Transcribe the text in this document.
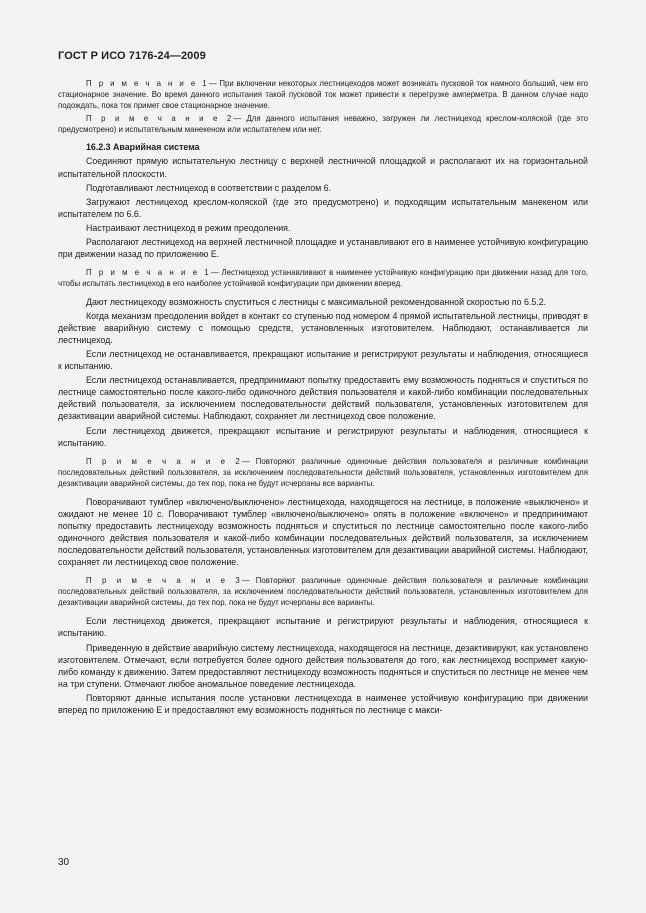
ГОСТ Р ИСО 7176-24—2009

П р и м е ч а н и е 1— При включении некоторых лестницеходов может возникать пусковой ток намного больший, чем его стационарное значение. Во время данного испытания такой пусковой ток может привести к перегрузке амперметра. В данном случае надо подождать, пока ток примет свое стационарное значение.

П р и м е ч а н и е 2— Для данного испытания неважно, загружен ли лестницеход креслом-коляской (где это предусмотрено) и испытательным манекеном или испытателем или нет.

16.2.3 Аварийная система

Соединяют прямую испытательную лестницу с верхней лестничной площадкой и располагают их на горизонтальной испытательной плоскости.

Подготавливают лестницеход в соответствии с разделом 6.

Загружают лестницеход креслом-коляской (где это предусмотрено) и подходящим испытательным манекеном или испытателем по 6.6.

Настраивают лестницеход в режим преодоления.

Располагают лестницеход на верхней лестничной площадке и устанавливают его в наименее устойчивую конфигурацию при движении назад по приложению Е.

П р и м е ч а н и е 1— Лестницеход устанавливают в наименее устойчивую конфигурацию при движении назад для того, чтобы испытать лестницеход в его наиболее устойчивой конфигурации при движении вперед.

Дают лестницеходу возможность спуститься с лестницы с максимальной рекомендованной скоростью по 6.5.2.

Когда механизм преодоления войдет в контакт со ступенью под номером 4 прямой испытательной лестницы, приводят в действие аварийную систему с помощью средств, установленных изготовителем. Наблюдают, останавливается ли лестницеход.

Если лестницеход не останавливается, прекращают испытание и регистрируют результаты и наблюдения, относящиеся к испытанию.

Если лестницеход останавливается, предпринимают попытку предоставить ему возможность подняться и спуститься по лестнице самостоятельно после какого-либо одиночного действия пользователя и какой-либо комбинации последовательных действий пользователя, за исключением последовательности действий пользователя, установленных изготовителем для дезактивации аварийной системы. Наблюдают, сохраняет ли лестницеход свое положение.

Если лестницеход движется, прекращают испытание и регистрируют результаты и наблюдения, относящиеся к испытанию.

П р и м е ч а н и е 2— Повторяют различные одиночные действия пользователя и различные комбинации последовательных действий пользователя, за исключением последовательности действий пользователя, установленных изготовителем для дезактивации аварийной системы, до тех пор, пока не будут исчерпаны все варианты.

Поворачивают тумблер «включено/выключено» лестницехода, находящегося на лестнице, в положение «выключено» и ожидают не менее 10 с. Поворачивают тумблер «включено/выключено» опять в положение «включено» и предпринимают попытку предоставить лестницеходу возможность подняться и спуститься по лестнице самостоятельно после какого-либо одиночного действия пользователя и какой-либо комбинации последовательных действий пользователя, за исключением последовательности действий пользователя, установленных изготовителем для дезактивации аварийной системы. Наблюдают, сохраняет ли лестницеход свое положение.

П р и м е ч а н и е 3— Повторяют различные одиночные действия пользователя и различные комбинации последовательных действий пользователя, за исключением последовательности действий пользователя, установленных изготовителем для дезактивации аварийной системы, до тех пор, пока не будут исчерпаны все варианты.

Если лестницеход движется, прекращают испытание и регистрируют результаты и наблюдения, относящиеся к испытанию.

Приведенную в действие аварийную систему лестницехода, находящегося на лестнице, дезактивируют, как установлено изготовителем. Отмечают, если потребуется более одного действия пользователя до того, как лестницеход воспримет какую-либо команду к движению. Затем предоставляют лестницеходу возможность подняться и спуститься по лестнице не менее чем на три ступени. Отмечают любое аномальное поведение лестницехода.

Повторяют данные испытания после установки лестницехода в наименее устойчивую конфигурацию при движении вперед по приложению Е и предоставляют ему возможность подняться по лестнице с макси-

30
